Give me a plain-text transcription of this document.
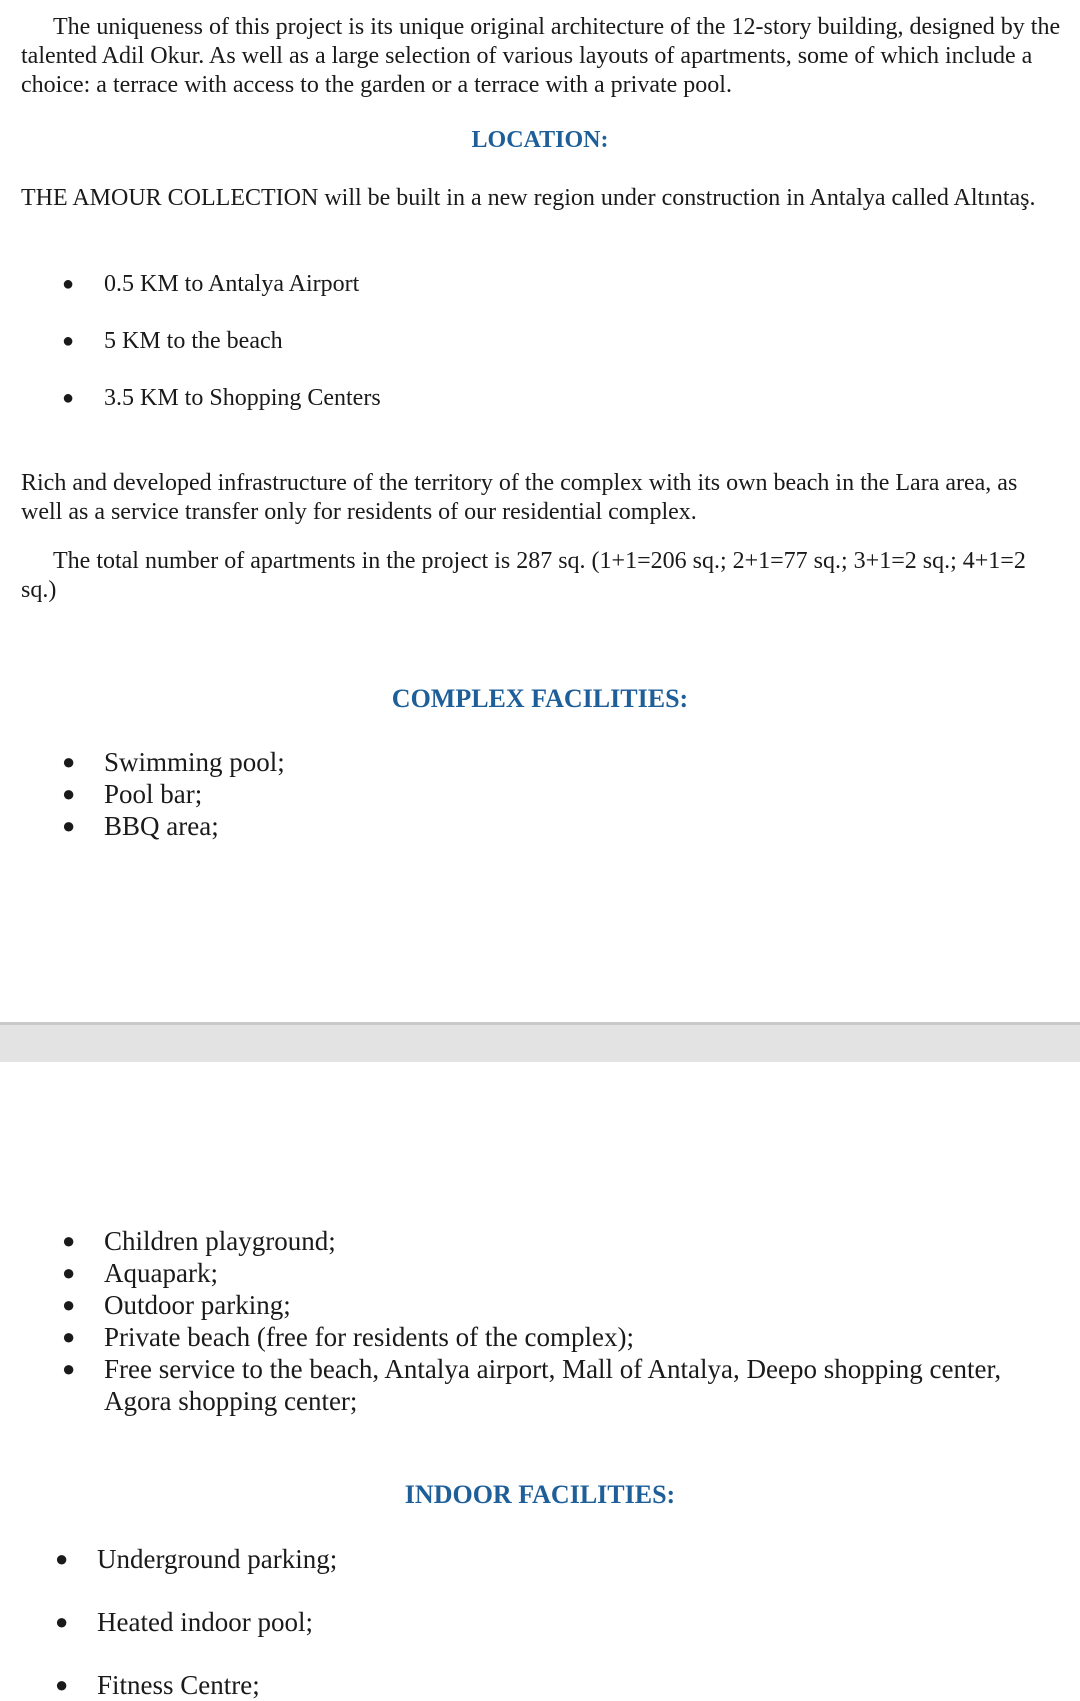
The uniqueness of this project is its unique original architecture of the 12-story building, designed by the talented Adil Okur. As well as a large selection of various layouts of apartments, some of which include a choice: a terrace with access to the garden or a terrace with a private pool.

LOCATION:

THE AMOUR COLLECTION will be built in a new region under construction in Antalya called Altıntaş.

●	0.5 KM to Antalya Airport
●	5 KM to the beach
●	3.5 KM to Shopping Centers

Rich and developed infrastructure of the territory of the complex with its own beach in the Lara area, as well as a service transfer only for residents of our residential complex.

The total number of apartments in the project is 287 sq. (1+1=206 sq.; 2+1=77 sq.; 3+1=2 sq.; 4+1=2 sq.)

COMPLEX FACILITIES:

●	Swimming pool;
●	Pool bar;
●	BBQ area;
●	Children playground;
●	Aquapark;
●	Outdoor parking;
●	Private beach (free for residents of the complex);
●	Free service to the beach, Antalya airport, Mall of Antalya, Deepo shopping center, Agora shopping center;

INDOOR FACILITIES:

●	Underground parking;
●	Heated indoor pool;
●	Fitness Centre;
